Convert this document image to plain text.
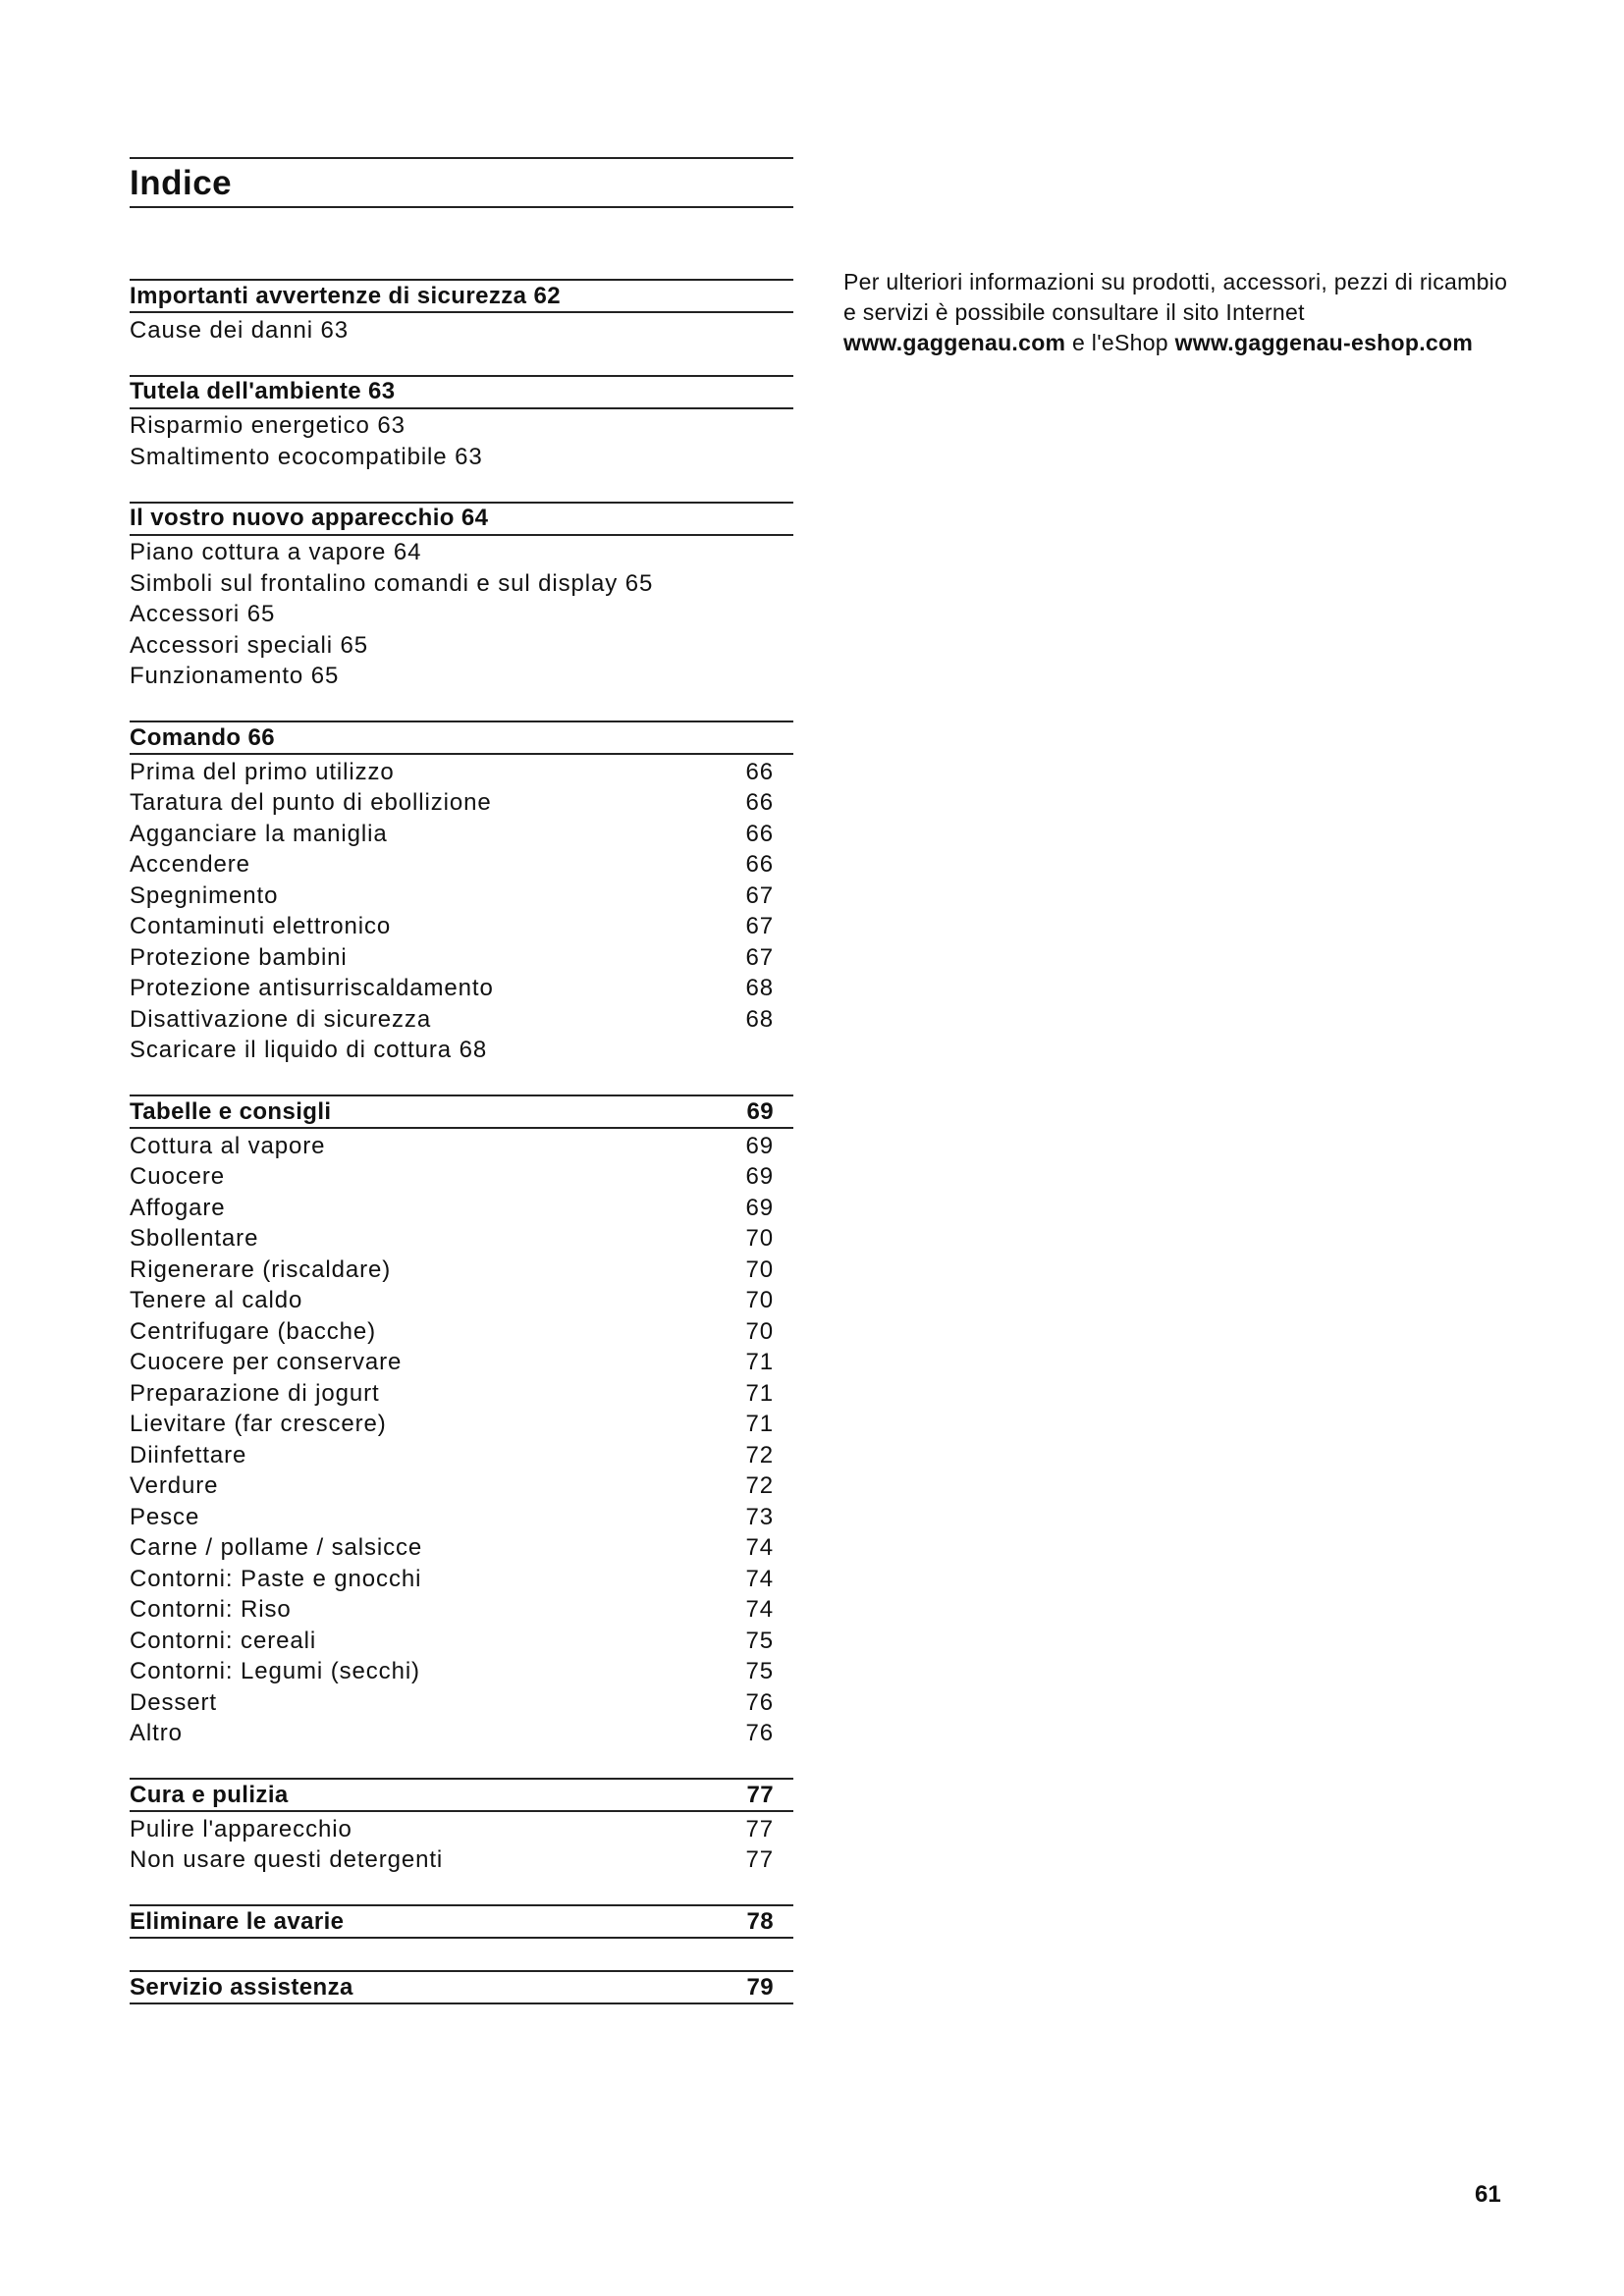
Indice
Importanti avvertenze di sicurezza 62
Cause dei danni 63
Tutela dell'ambiente 63
Risparmio energetico 63
Smaltimento ecocompatibile 63
Il vostro nuovo apparecchio 64
Piano cottura a vapore 64
Simboli sul frontalino comandi e sul display 65
Accessori 65
Accessori speciali 65
Funzionamento 65
Comando 66
Prima del primo utilizzo	66
Taratura del punto di ebollizione	66
Agganciare la maniglia	66
Accendere	66
Spegnimento	67
Contaminuti elettronico	67
Protezione bambini	67
Protezione antisurriscaldamento	68
Disattivazione di sicurezza	68
Scaricare il liquido di cottura 68
Tabelle e consigli	69
Cottura al vapore	69
Cuocere	69
Affogare	69
Sbollentare	70
Rigenerare (riscaldare)	70
Tenere al caldo	70
Centrifugare (bacche)	70
Cuocere per conservare	71
Preparazione di jogurt	71
Lievitare (far crescere)	71
Diinfettare	72
Verdure	72
Pesce	73
Carne / pollame / salsicce	74
Contorni: Paste e gnocchi	74
Contorni: Riso	74
Contorni: cereali	75
Contorni: Legumi (secchi)	75
Dessert	76
Altro	76
Cura e pulizia	77
Pulire l'apparecchio	77
Non usare questi detergenti	77
Eliminare le avarie	78
Servizio assistenza	79
Per ulteriori informazioni su prodotti, accessori, pezzi di ricambio e servizi è possibile consultare il sito Internet www.gaggenau.com e l'eShop www.gaggenau-eshop.com
61
